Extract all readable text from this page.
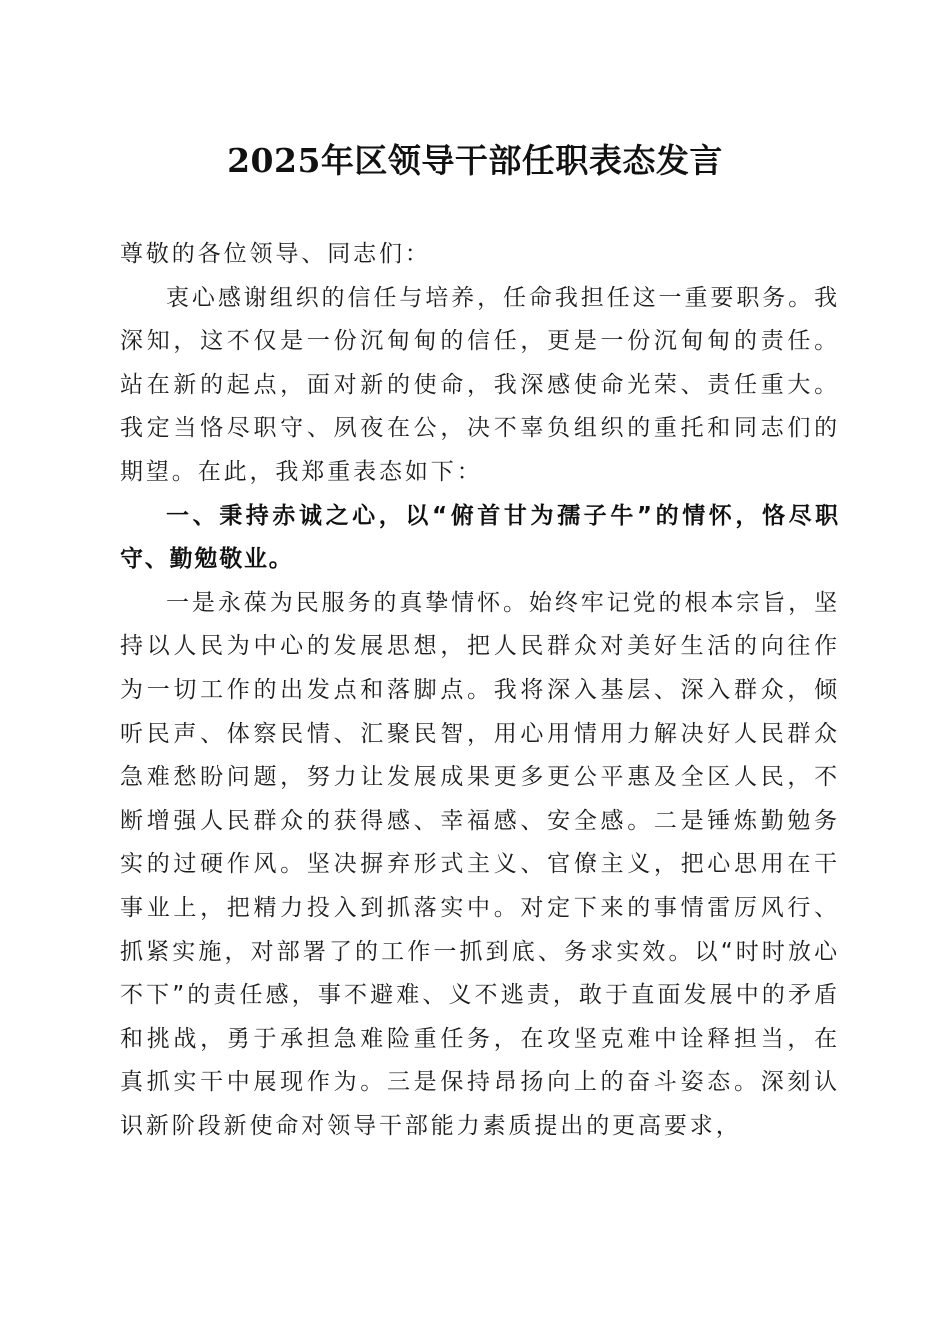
2025年区领导干部任职表态发言

尊敬的各位领导、同志们：

衷心感谢组织的信任与培养，任命我担任这一重要职务。我深知，这不仅是一份沉甸甸的信任，更是一份沉甸甸的责任。站在新的起点，面对新的使命，我深感使命光荣、责任重大。我定当恪尽职守、夙夜在公，决不辜负组织的重托和同志们的期望。在此，我郑重表态如下：

一、秉持赤诚之心，以“俯首甘为孺子牛”的情怀，恪尽职守、勤勉敬业。

一是永葆为民服务的真挚情怀。始终牢记党的根本宗旨，坚持以人民为中心的发展思想，把人民群众对美好生活的向往作为一切工作的出发点和落脚点。我将深入基层、深入群众，倾听民声、体察民情、汇聚民智，用心用情用力解决好人民群众急难愁盼问题，努力让发展成果更多更公平惠及全区人民，不断增强人民群众的获得感、幸福感、安全感。二是锤炼勤勉务实的过硬作风。坚决摒弃形式主义、官僚主义，把心思用在干事业上，把精力投入到抓落实中。对定下来的事情雷厉风行、抓紧实施，对部署了的工作一抓到底、务求实效。以“时时放心不下”的责任感，事不避难、义不逃责，敢于直面发展中的矛盾和挑战，勇于承担急难险重任务，在攻坚克难中诠释担当，在真抓实干中展现作为。三是保持昂扬向上的奋斗姿态。深刻认识新阶段新使命对领导干部能力素质提出的更高要求，
